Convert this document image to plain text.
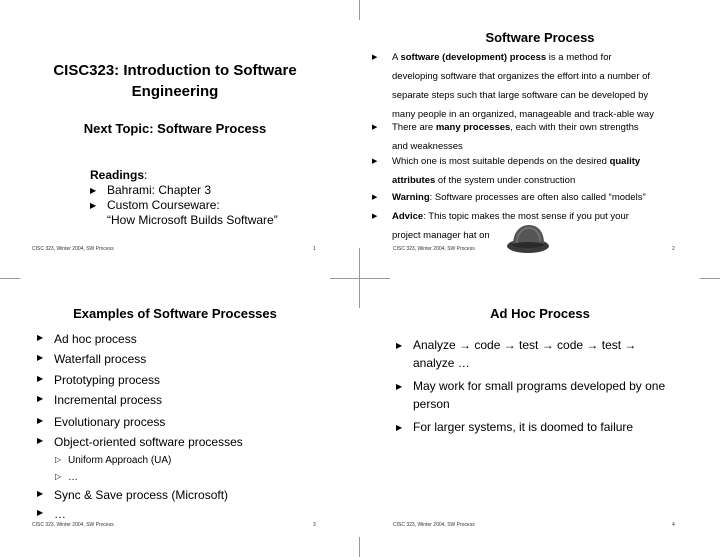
CISC323: Introduction to Software
Engineering
Next Topic: Software Process
Readings:
▶ Bahrami: Chapter 3
▶ Custom Courseware:
“How Microsoft Builds Software”
CISC 323, Winter 2004, SW Process	1
Software Process
▶ A software (development) process is a method for
developing software that organizes the effort into a number of
separate steps such that large software can be developed by
many people in an organized, manageable and track-able way
▶ There are many processes, each with their own strengths
and weaknesses
▶ Which one is most suitable depends on the desired quality
attributes of the system under construction
▶ Warning: Software processes are often also called “models”
▶ Advice: This topic makes the most sense if you put your
project manager hat on
CISC 323, Winter 2004, SW Process	2
Examples of Software Processes
▶ Ad hoc process
▶ Waterfall process
▶ Prototyping process
▶ Incremental process
▶ Evolutionary process
▶ Object-oriented software processes
▷ Uniform Approach (UA)
▷ …
▶ Sync & Save process (Microsoft)
▶ …
CISC 323, Winter 2004, SW Process	3
Ad Hoc Process
▶ Analyze → code → test → code → test →
analyze …
▶ May work for small programs developed by one
person
▶ For larger systems, it is doomed to failure
CISC 323, Winter 2004, SW Process	4
